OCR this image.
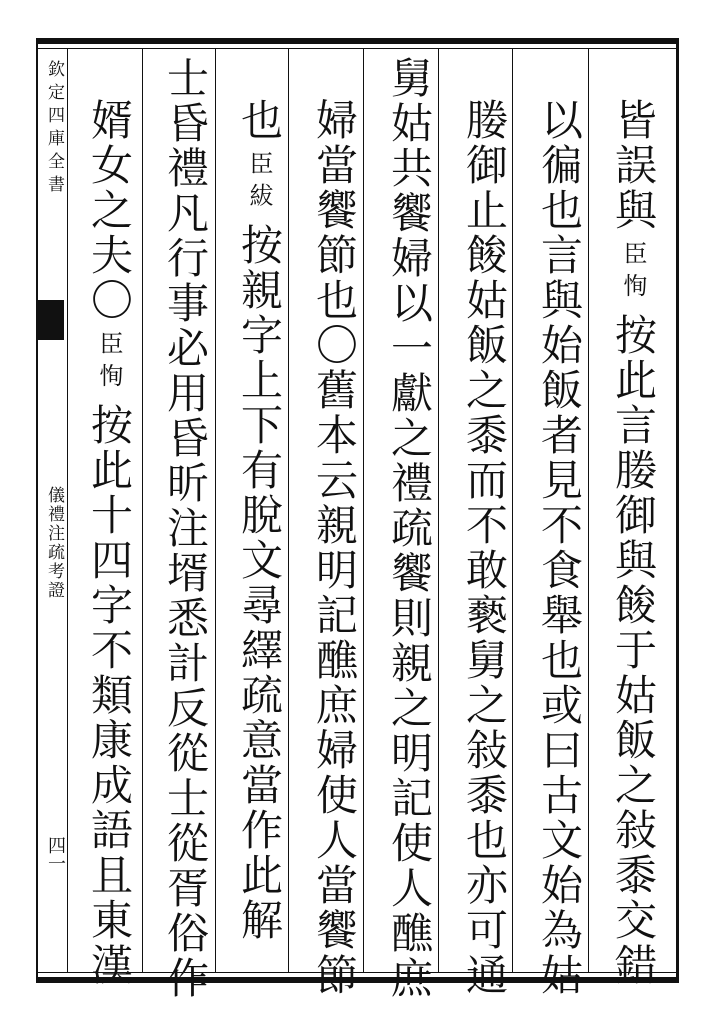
欽定四庫全書
儀禮注疏考證
四一
皆誤與
臣恂
按此言媵御與餕于姑飯之敍黍交錯
以徧也言與始飯者見不食舉也或曰古文始為姑
媵御止餕姑飯之黍而不敢褻舅之敍黍也亦可通
舅姑共饗婦以一獻之禮疏饗則親之明記使人醮庶
婦當饗節也〇舊本云親明記醮庶婦使人當饗節
也
臣紱
按親字上下有脫文尋繹疏意當作此解
士昏禮凡行事必用昏昕注壻悉計反從士從胥俗作
婿女之夫〇
臣恂
按此十四字不類康成語且東漢
